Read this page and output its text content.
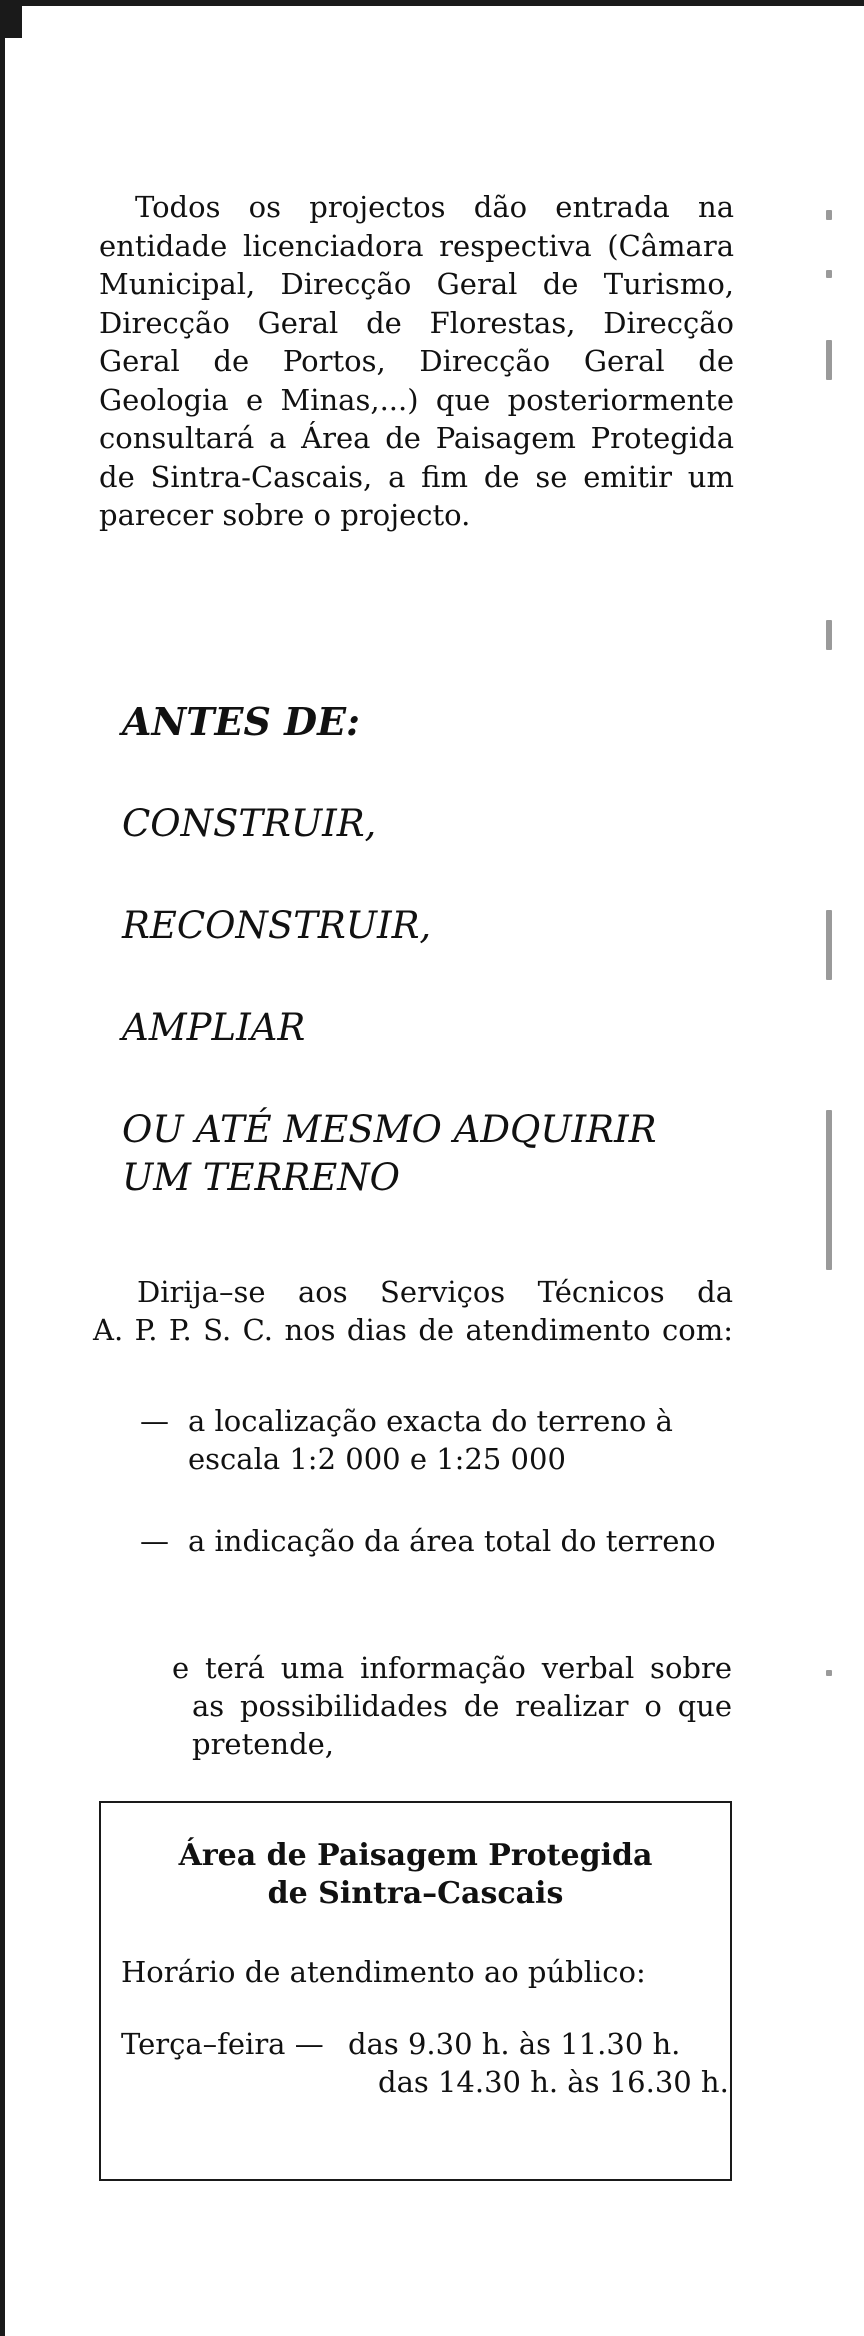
Todos os projectos dão entrada na entidade licenciadora respectiva (Câmara Municipal, Direcção Geral de Turismo, Direcção Geral de Florestas, Direcção Geral de Portos, Direcção Geral de Geologia e Minas,...) que posteriormente consultará a Área de Paisagem Protegida de Sintra-Cascais, a fim de se emitir um parecer sobre o projecto.

ANTES DE:
CONSTRUIR,
RECONSTRUIR,
AMPLIAR
OU ATÉ MESMO ADQUIRIR
UM TERRENO

Dirija–se aos Serviços Técnicos da
A. P. P. S. C. nos dias de atendimento com:

— a localização exacta do terreno à escala 1:2 000 e 1:25 000
— a indicação da área total do terreno

e terá uma informação verbal sobre as possibilidades de realizar o que pretende,

Área de Paisagem Protegida
de Sintra–Cascais

Horário de atendimento ao público:

Terça–feira — das 9.30 h. às 11.30 h.
das 14.30 h. às 16.30 h.
